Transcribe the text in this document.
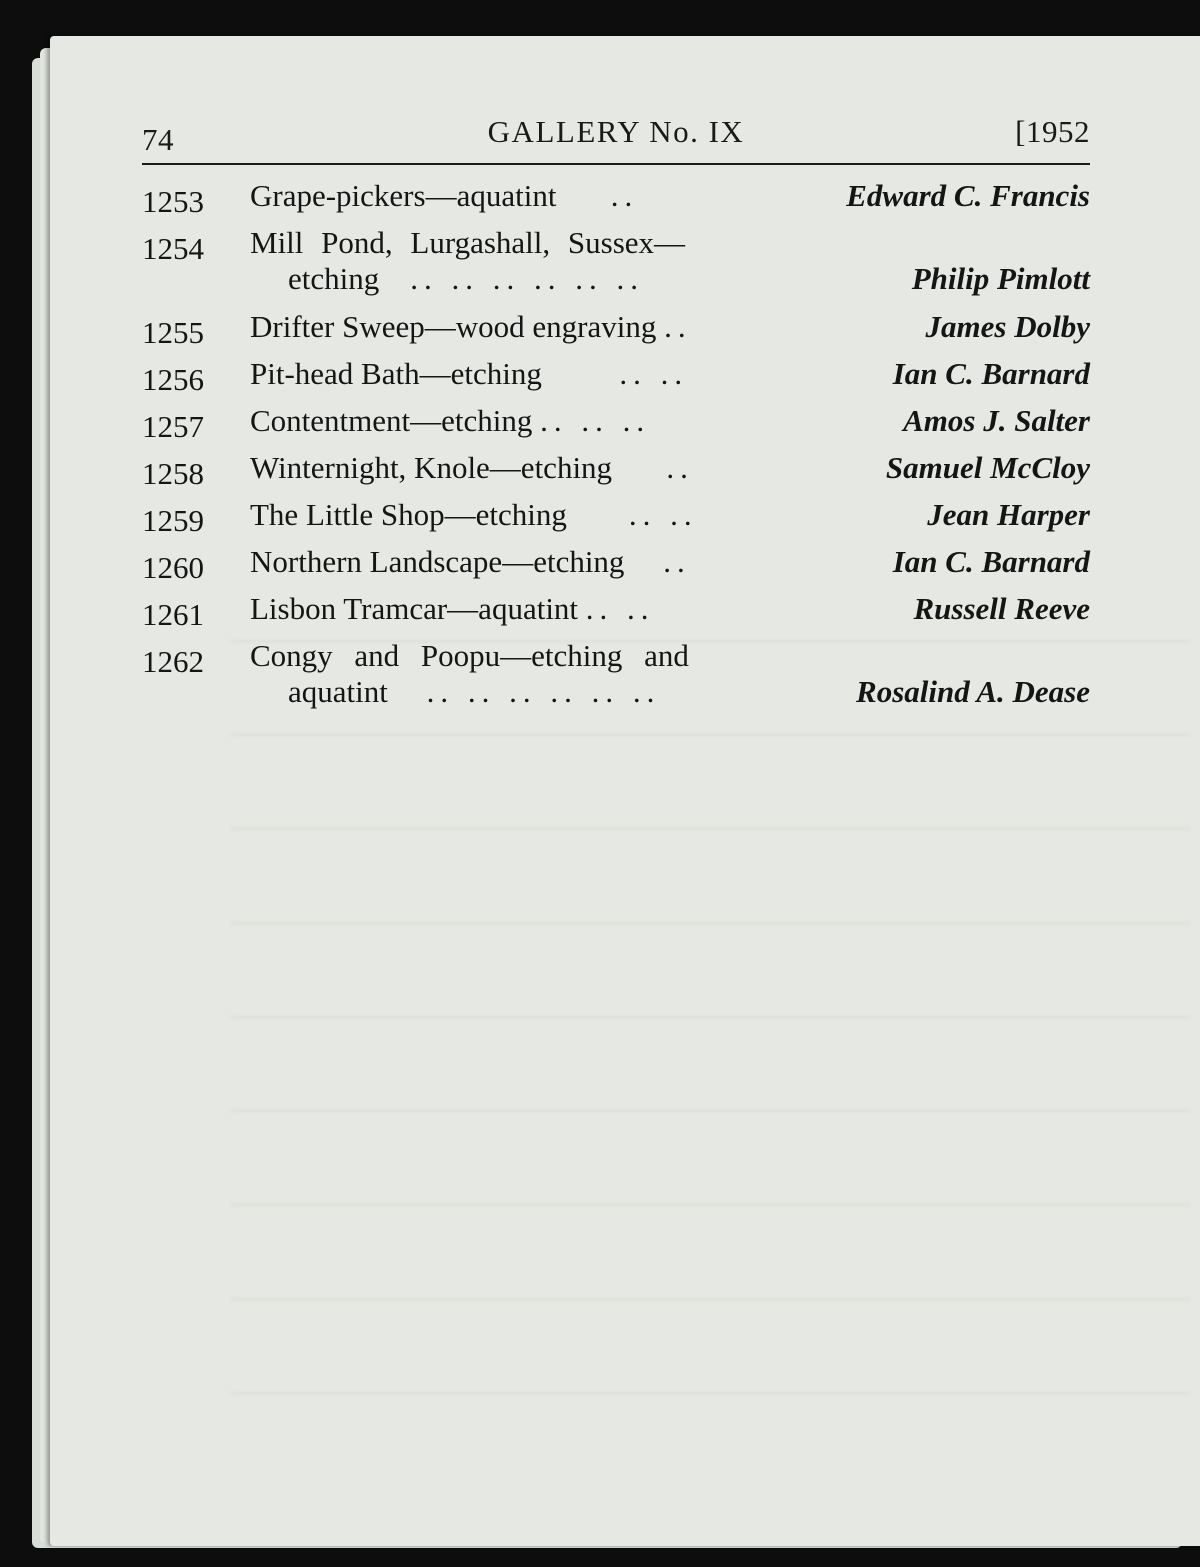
74	GALLERY No. IX	[1952
1253	Grape-pickers—aquatint ..	Edward C. Francis
1254	Mill Pond, Lurgashall, Sussex—
etching .. .. .. .. .. ..	Philip Pimlott
1255	Drifter Sweep—wood engraving ..	James Dolby
1256	Pit-head Bath—etching	.. ..	Ian C. Barnard
1257	Contentment—etching .. .. ..	Amos J. Salter
1258	Winternight, Knole—etching ..	Samuel McCloy
1259	The Little Shop—etching .. ..	Jean Harper
1260	Northern Landscape—etching ..	Ian C. Barnard
1261	Lisbon Tramcar—aquatint .. ..	Russell Reeve
1262	Congy and Poopu—etching and
aquatint .. .. .. .. .. ..	Rosalind A. Dease
